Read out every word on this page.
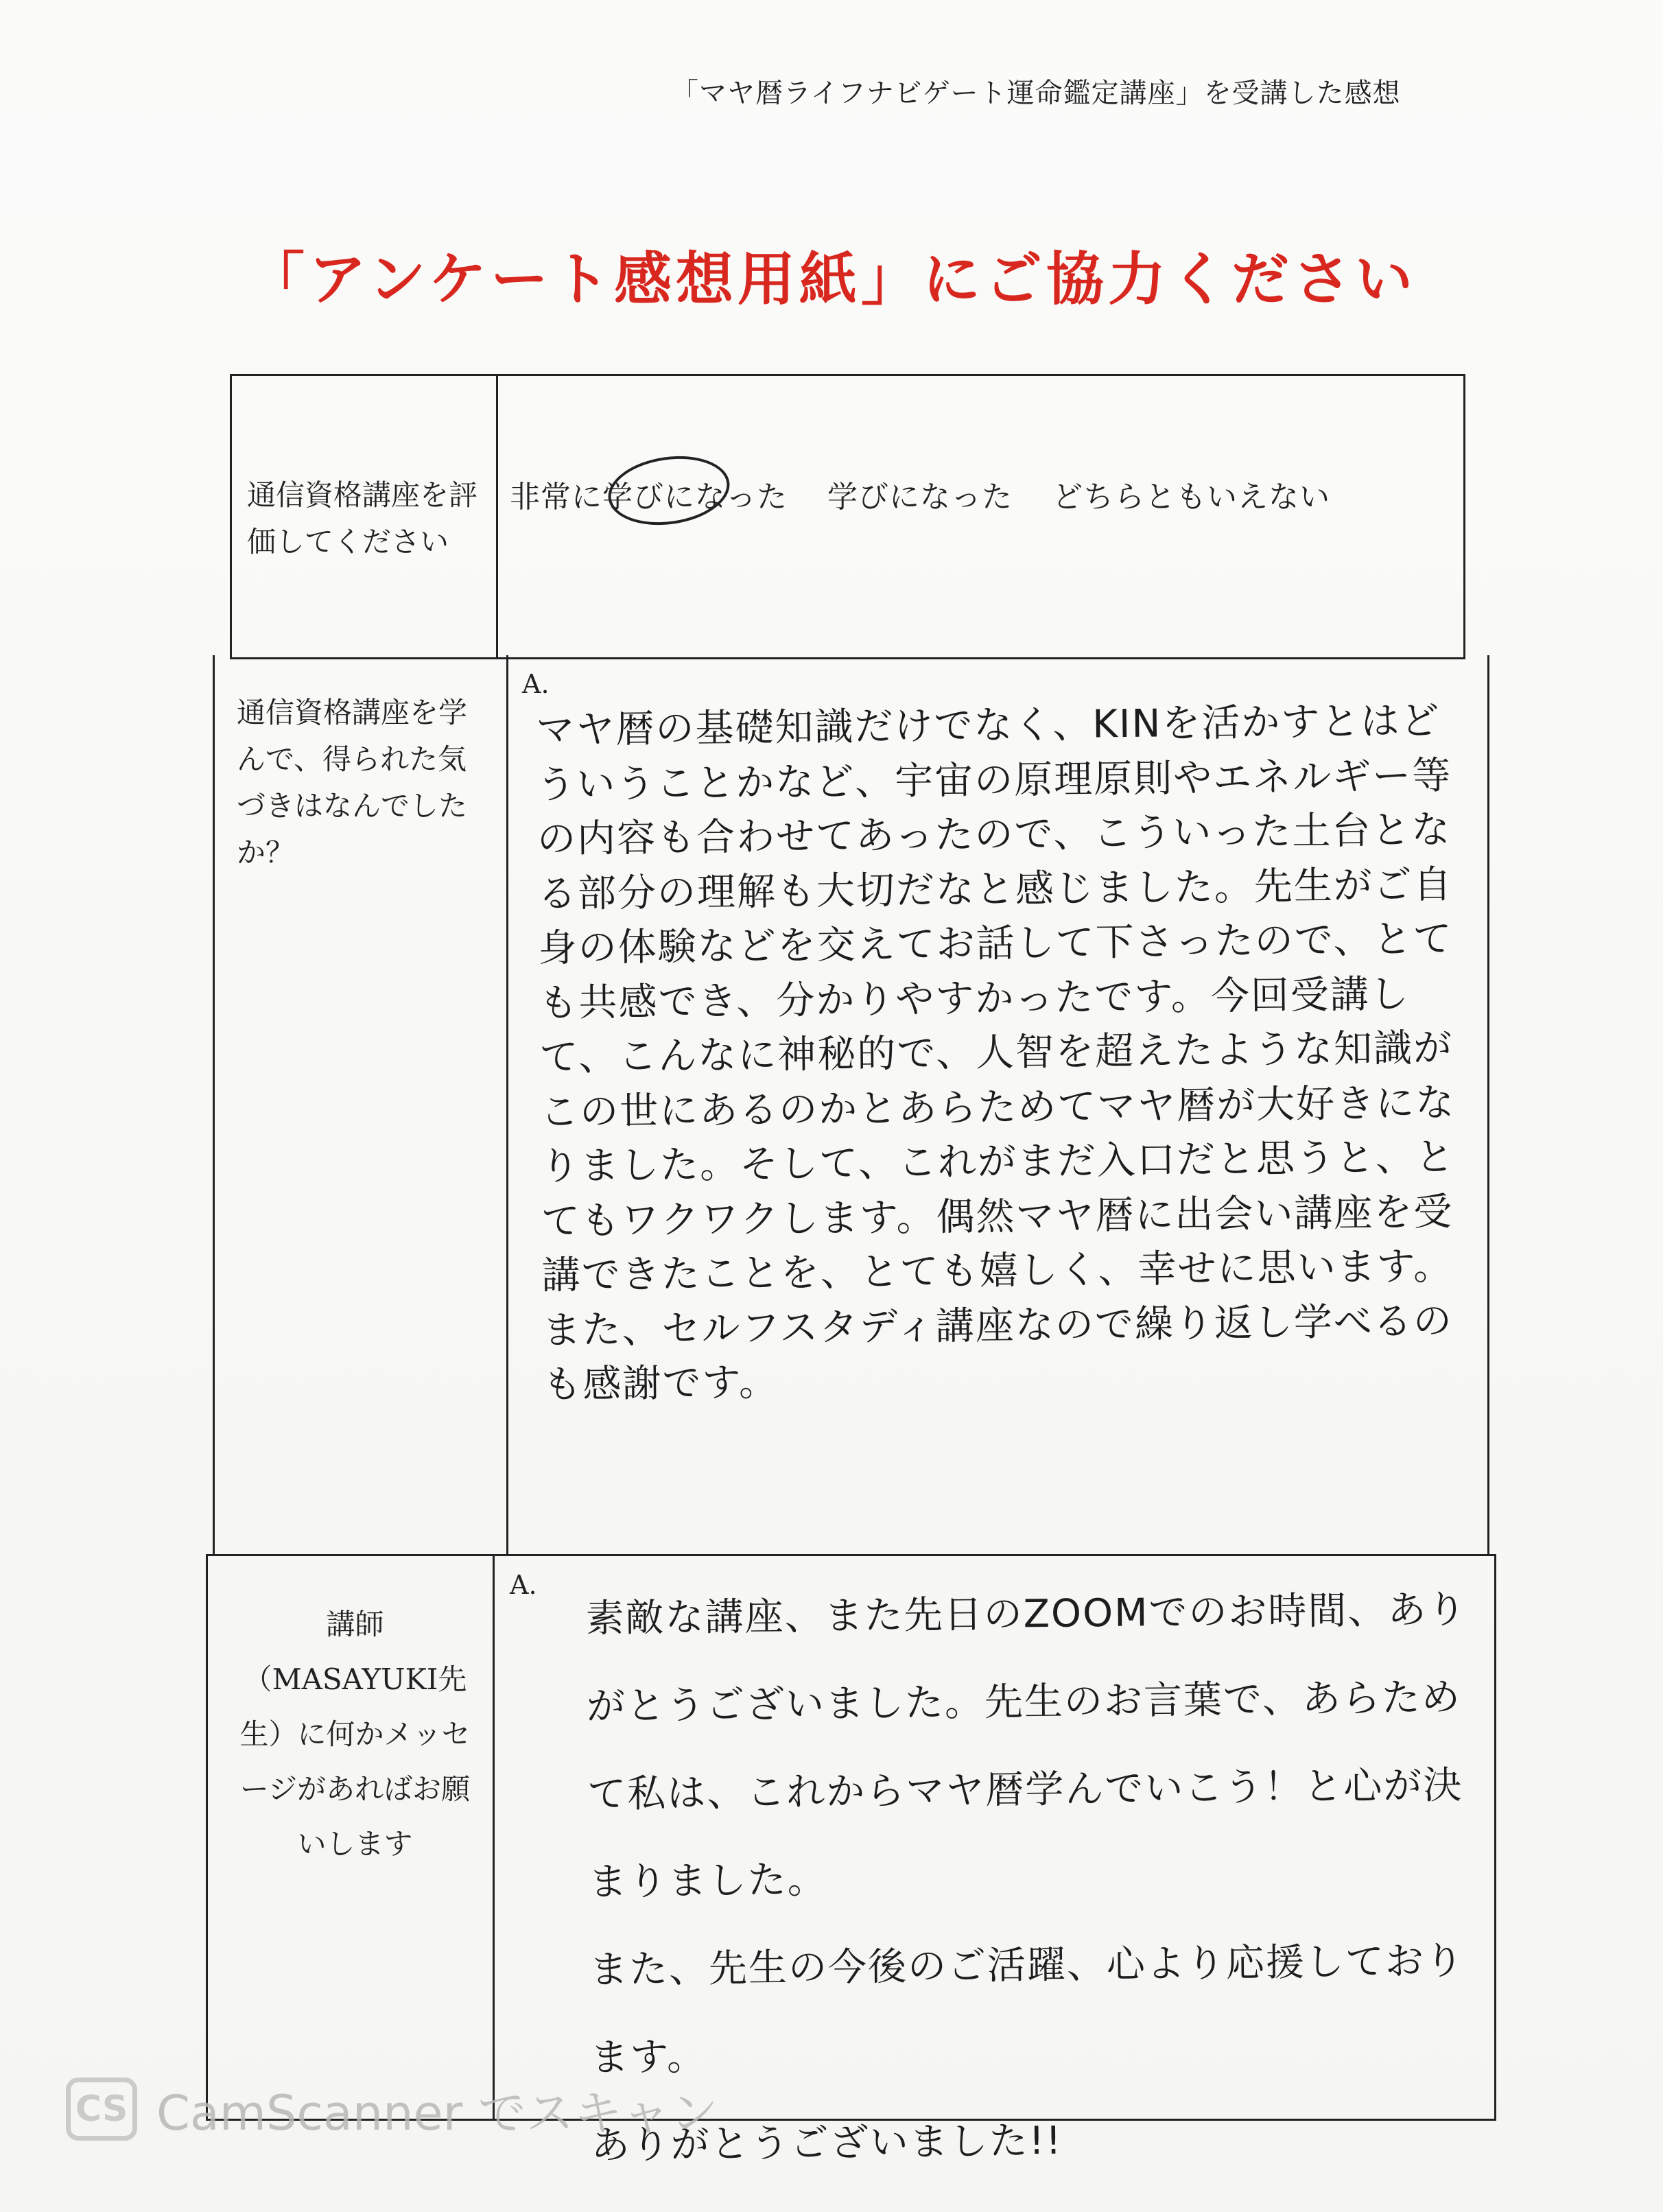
「マヤ暦ライフナビゲート運命鑑定講座」を受講した感想
「アンケート感想用紙」にご協力ください
通信資格講座を評価してください
非常に学びになった 学びになった どちらともいえない
通信資格講座を学んで、得られた気づきはなんでしたか？
A.
マヤ暦の基礎知識だけでなく、KINを活かすとはどういうことかなど、宇宙の原理原則やエネルギー等の内容も合わせてあったので、こういった土台となる部分の理解も大切だなと感じました。先生がご自身の体験などを交えてお話して下さったので、とても共感でき、分かりやすかったです。今回受講して、こんなに神秘的で、人智を超えたような知識がこの世にあるのかとあらためてマヤ暦が大好きになりました。そして、これがまだ入口だと思うと、とてもワクワクします。偶然マヤ暦に出会い講座を受講できたことを、とても嬉しく、幸せに思います。
また、セルフスタディ講座なので繰り返し学べるのも感謝です。
講師（MASAYUKI先生）に何かメッセージがあればお願いします
A.
素敵な講座、また先日のZOOMでのお時間、ありがとうございました。先生のお言葉で、あらためて私は、これからマヤ暦学んでいこう！と心が決まりました。
また、先生の今後のご活躍、心より応援しております。
ありがとうございました!!
CS CamScanner でスキャン
